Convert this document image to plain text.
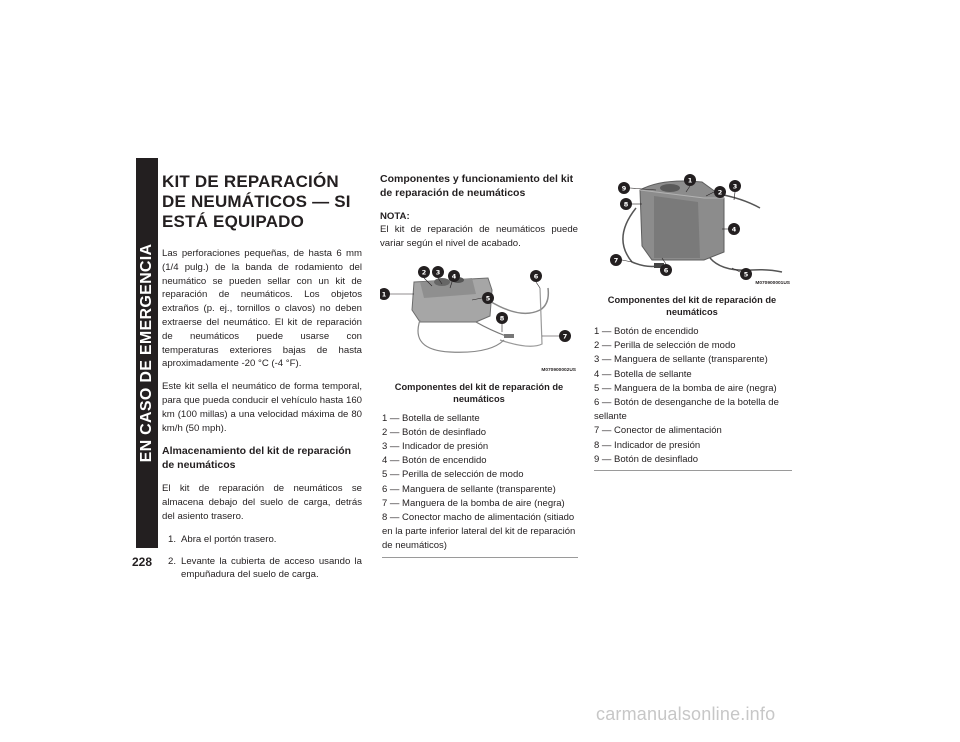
EN CASO DE EMERGENCIA
228
KIT DE REPARACIÓN DE NEUMÁTICOS — SI ESTÁ EQUIPADO

Las perforaciones pequeñas, de hasta 6 mm (1/4 pulg.) de la banda de rodamiento del neumático se pueden sellar con un kit de reparación de neumáticos. Los objetos extraños (p. ej., tornillos o clavos) no deben extraerse del neumático. El kit de reparación de neumáticos puede usarse con temperaturas exteriores bajas de hasta aproximadamente -20 °C (-4 °F).

Este kit sella el neumático de forma temporal, para que pueda conducir el vehículo hasta 160 km (100 millas) a una velocidad máxima de 80 km/h (50 mph).

Almacenamiento del kit de reparación de neumáticos

El kit de reparación de neumáticos se almacena debajo del suelo de carga, detrás del asiento trasero.

1. Abra el portón trasero.
2. Levante la cubierta de acceso usando la empuñadura del suelo de carga.
Componentes y funcionamiento del kit de reparación de neumáticos
NOTA:

El kit de reparación de neumáticos puede variar según el nivel de acabado.

1
2 3 4
5
6
7
8
M070900002US
Componentes del kit de reparación de neumáticos
1 — Botella de sellante
2 — Botón de desinflado
3 — Indicador de presión
4 — Botón de encendido
5 — Perilla de selección de modo
6 — Manguera de sellante (transparente)
7 — Manguera de la bomba de aire (negra)
8 — Conector macho de alimentación (sitiado en la parte inferior lateral del kit de reparación de neumáticos)
1
2
3
4
5
6
7
8
9
M070900001US
Componentes del kit de reparación de neumáticos
1 — Botón de encendido
2 — Perilla de selección de modo
3 — Manguera de sellante (transparente)
4 — Botella de sellante
5 — Manguera de la bomba de aire (negra)
6 — Botón de desenganche de la botella de sellante
7 — Conector de alimentación
8 — Indicador de presión
9 — Botón de desinflado
carmanualsonline.info
